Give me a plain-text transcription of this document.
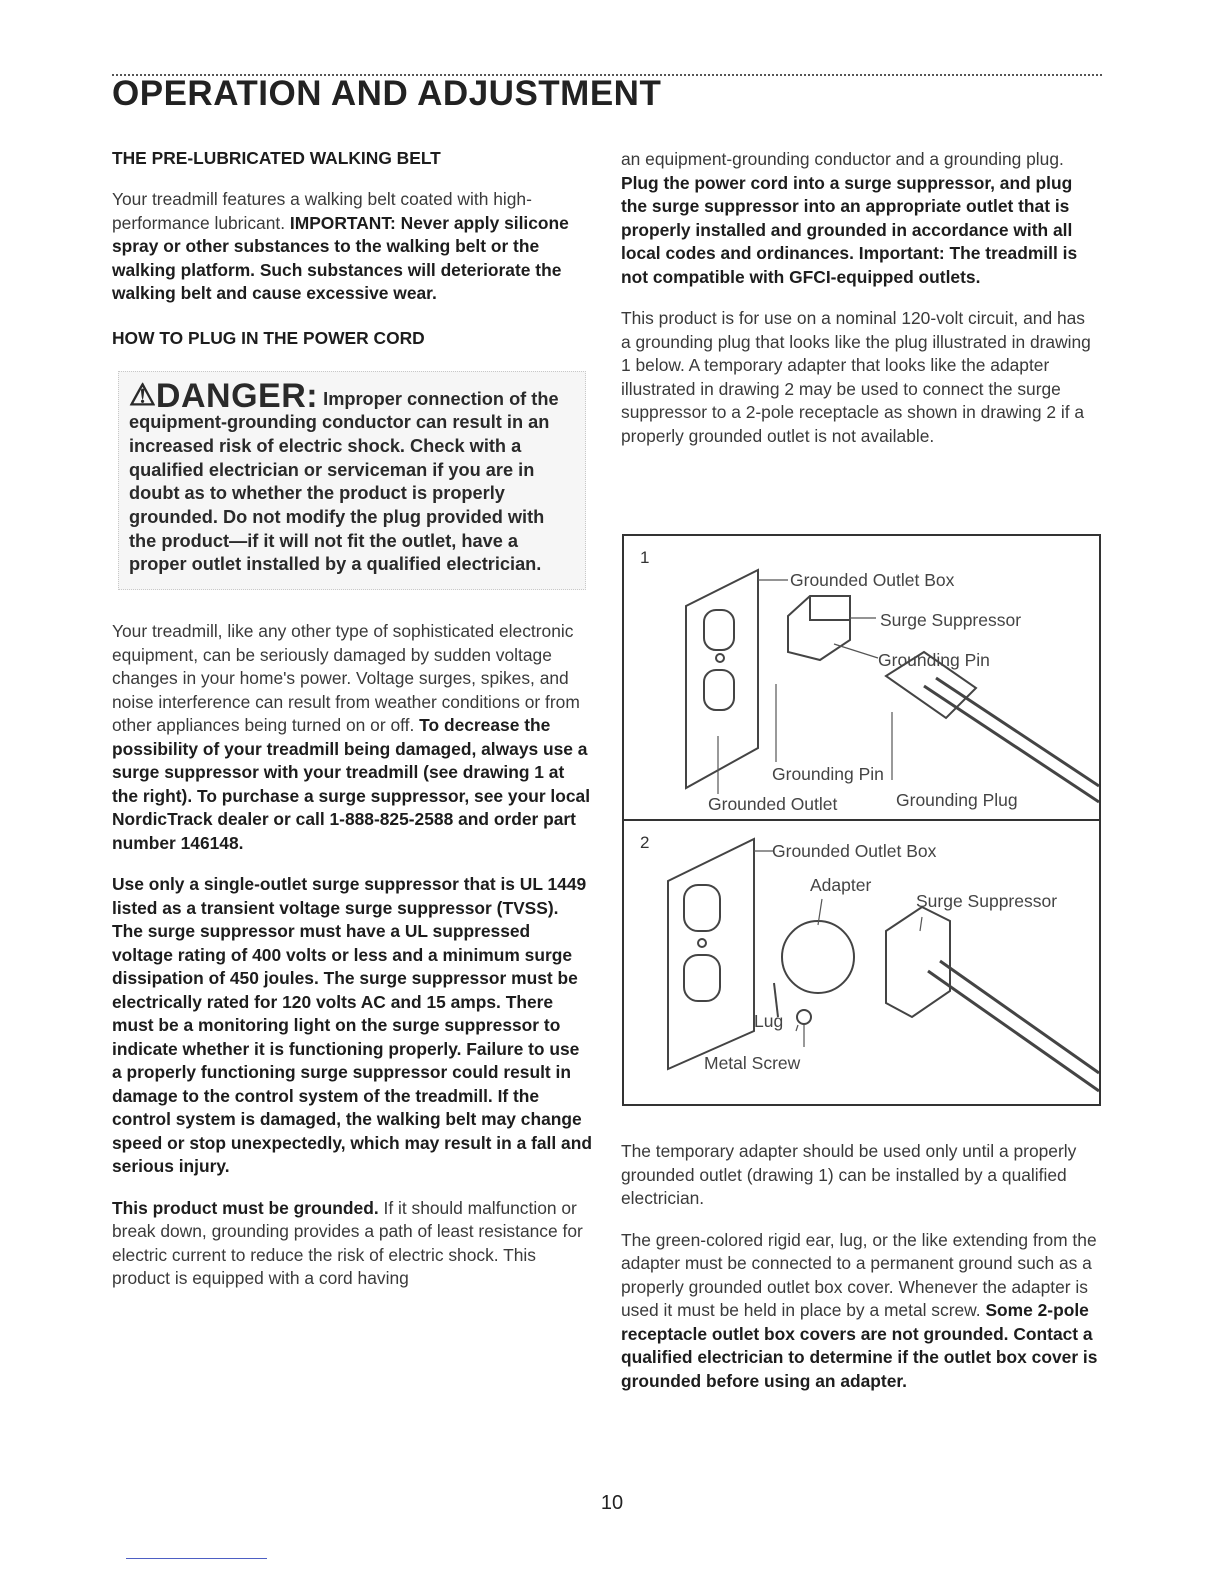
OPERATION AND ADJUSTMENT
THE PRE-LUBRICATED WALKING BELT

Your treadmill features a walking belt coated with high-performance lubricant. IMPORTANT: Never apply silicone spray or other substances to the walking belt or the walking platform. Such substances will deteriorate the walking belt and cause excessive wear.

HOW TO PLUG IN THE POWER CORD
⚠DANGER: Improper connection of the equipment-grounding conductor can result in an increased risk of electric shock. Check with a qualified electrician or serviceman if you are in doubt as to whether the product is properly grounded. Do not modify the plug provided with the product—if it will not fit the outlet, have a proper outlet installed by a qualified electrician.

Your treadmill, like any other type of sophisticated electronic equipment, can be seriously damaged by sudden voltage changes in your home's power. Voltage surges, spikes, and noise interference can result from weather conditions or from other appliances being turned on or off. To decrease the possibility of your treadmill being damaged, always use a surge suppressor with your treadmill (see drawing 1 at the right). To purchase a surge suppressor, see your local NordicTrack dealer or call 1-888-825-2588 and order part number 146148.

Use only a single-outlet surge suppressor that is UL 1449 listed as a transient voltage surge suppressor (TVSS). The surge suppressor must have a UL suppressed voltage rating of 400 volts or less and a minimum surge dissipation of 450 joules. The surge suppressor must be electrically rated for 120 volts AC and 15 amps. There must be a monitoring light on the surge suppressor to indicate whether it is functioning properly. Failure to use a properly functioning surge suppressor could result in damage to the control system of the treadmill. If the control system is damaged, the walking belt may change speed or stop unexpectedly, which may result in a fall and serious injury.

This product must be grounded. If it should malfunction or break down, grounding provides a path of least resistance for electric current to reduce the risk of electric shock. This product is equipped with a cord having

an equipment-grounding conductor and a grounding plug. Plug the power cord into a surge suppressor, and plug the surge suppressor into an appropriate outlet that is properly installed and grounded in accordance with all local codes and ordinances. Important: The treadmill is not compatible with GFCI-equipped outlets.

This product is for use on a nominal 120-volt circuit, and has a grounding plug that looks like the plug illustrated in drawing 1 below. A temporary adapter that looks like the adapter illustrated in drawing 2 may be used to connect the surge suppressor to a 2-pole receptacle as shown in drawing 2 if a properly grounded outlet is not available.

1
Grounded Outlet Box
Surge Suppressor
Grounding Pin
Grounding Pin
Grounded Outlet	Grounding Plug
2	Grounded Outlet Box
Adapter
Surge Suppressor
Lug
Metal Screw

The temporary adapter should be used only until a properly grounded outlet (drawing 1) can be installed by a qualified electrician.

The green-colored rigid ear, lug, or the like extending from the adapter must be connected to a permanent ground such as a properly grounded outlet box cover. Whenever the adapter is used it must be held in place by a metal screw. Some 2-pole receptacle outlet box covers are not grounded. Contact a qualified electrician to determine if the outlet box cover is grounded before using an adapter.

10
